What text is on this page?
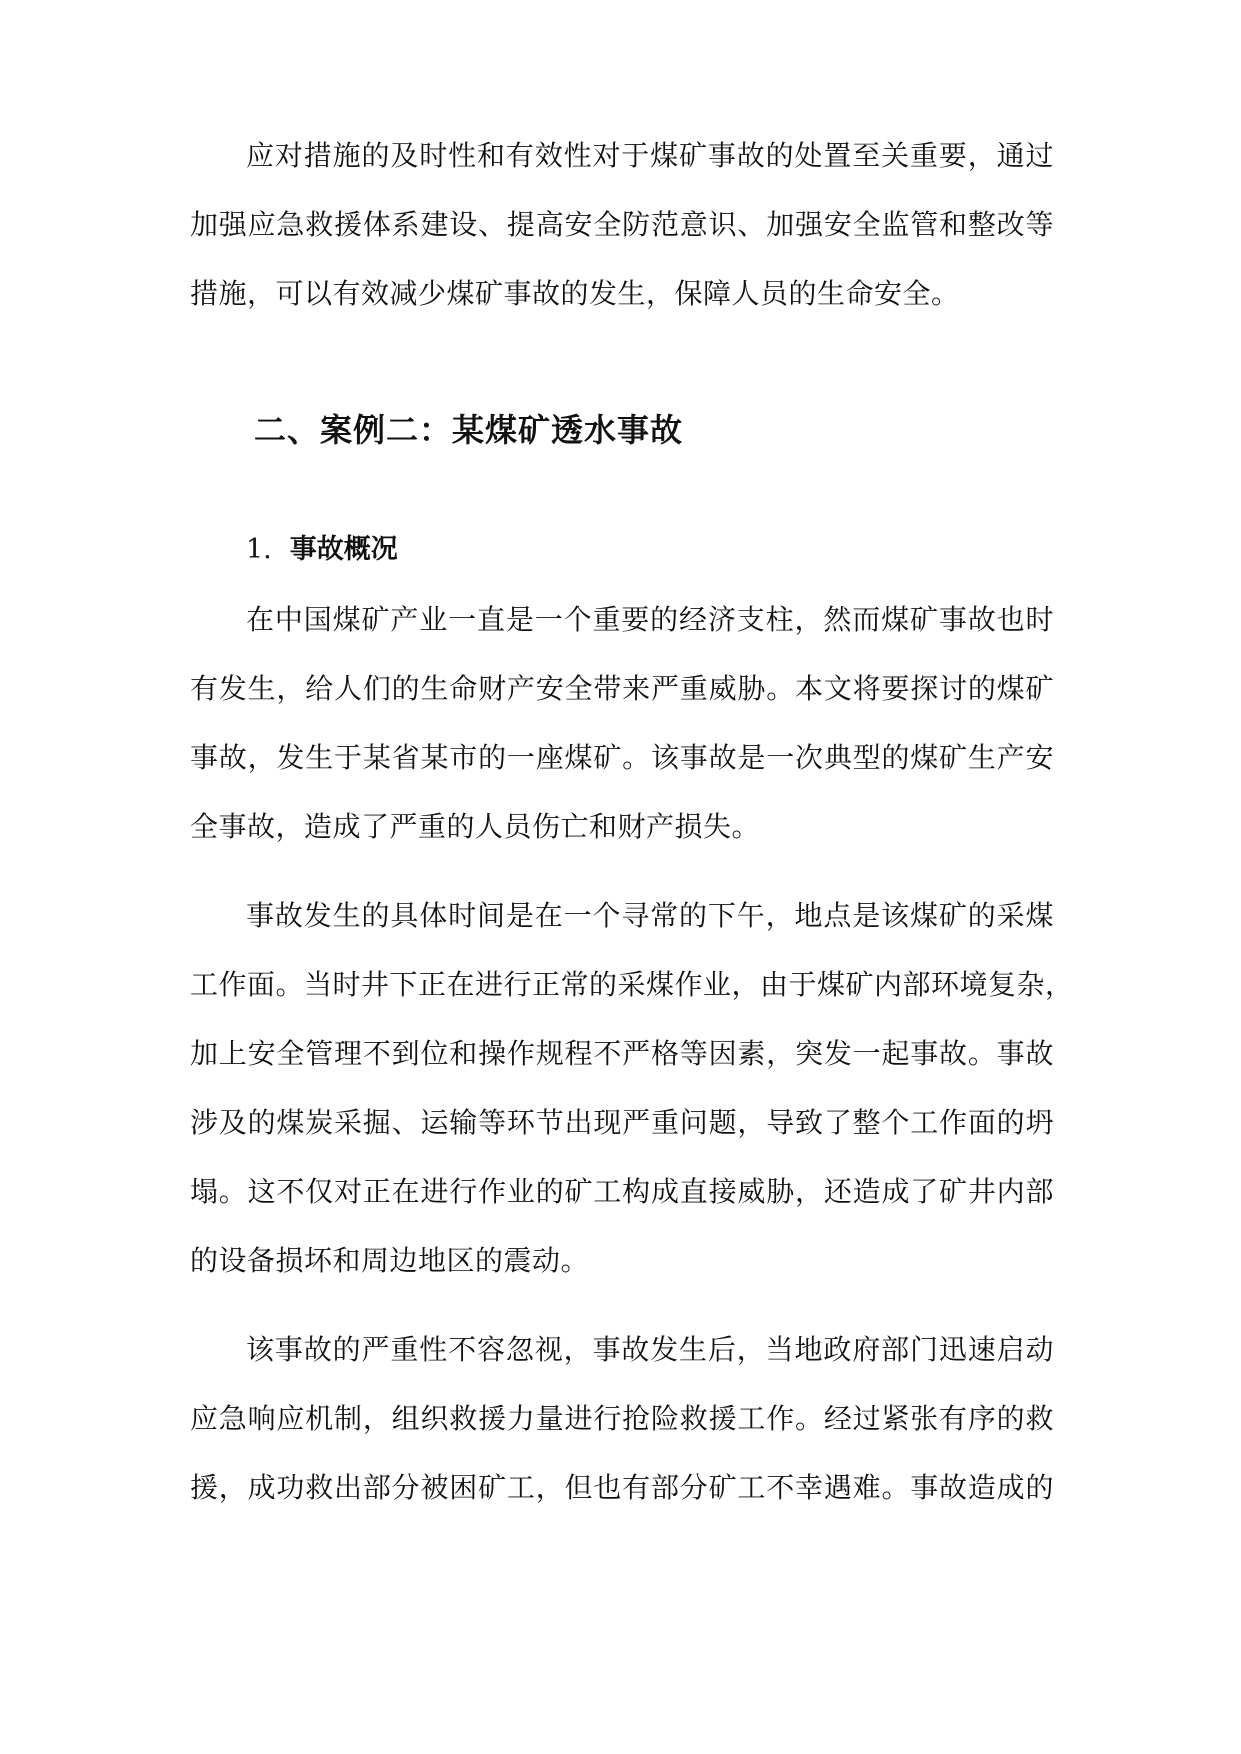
应对措施的及时性和有效性对于煤矿事故的处置至关重要，通过
加强应急救援体系建设、提高安全防范意识、加强安全监管和整改等
措施，可以有效减少煤矿事故的发生，保障人员的生命安全。
二、案例二：某煤矿透水事故
1. 事故概况
在中国煤矿产业一直是一个重要的经济支柱，然而煤矿事故也时
有发生，给人们的生命财产安全带来严重威胁。本文将要探讨的煤矿
事故，发生于某省某市的一座煤矿。该事故是一次典型的煤矿生产安
全事故，造成了严重的人员伤亡和财产损失。
事故发生的具体时间是在一个寻常的下午，地点是该煤矿的采煤
工作面。当时井下正在进行正常的采煤作业，由于煤矿内部环境复杂，
加上安全管理不到位和操作规程不严格等因素，突发一起事故。事故
涉及的煤炭采掘、运输等环节出现严重问题，导致了整个工作面的坍
塌。这不仅对正在进行作业的矿工构成直接威胁，还造成了矿井内部
的设备损坏和周边地区的震动。
该事故的严重性不容忽视，事故发生后，当地政府部门迅速启动
应急响应机制，组织救援力量进行抢险救援工作。经过紧张有序的救
援，成功救出部分被困矿工，但也有部分矿工不幸遇难。事故造成的
